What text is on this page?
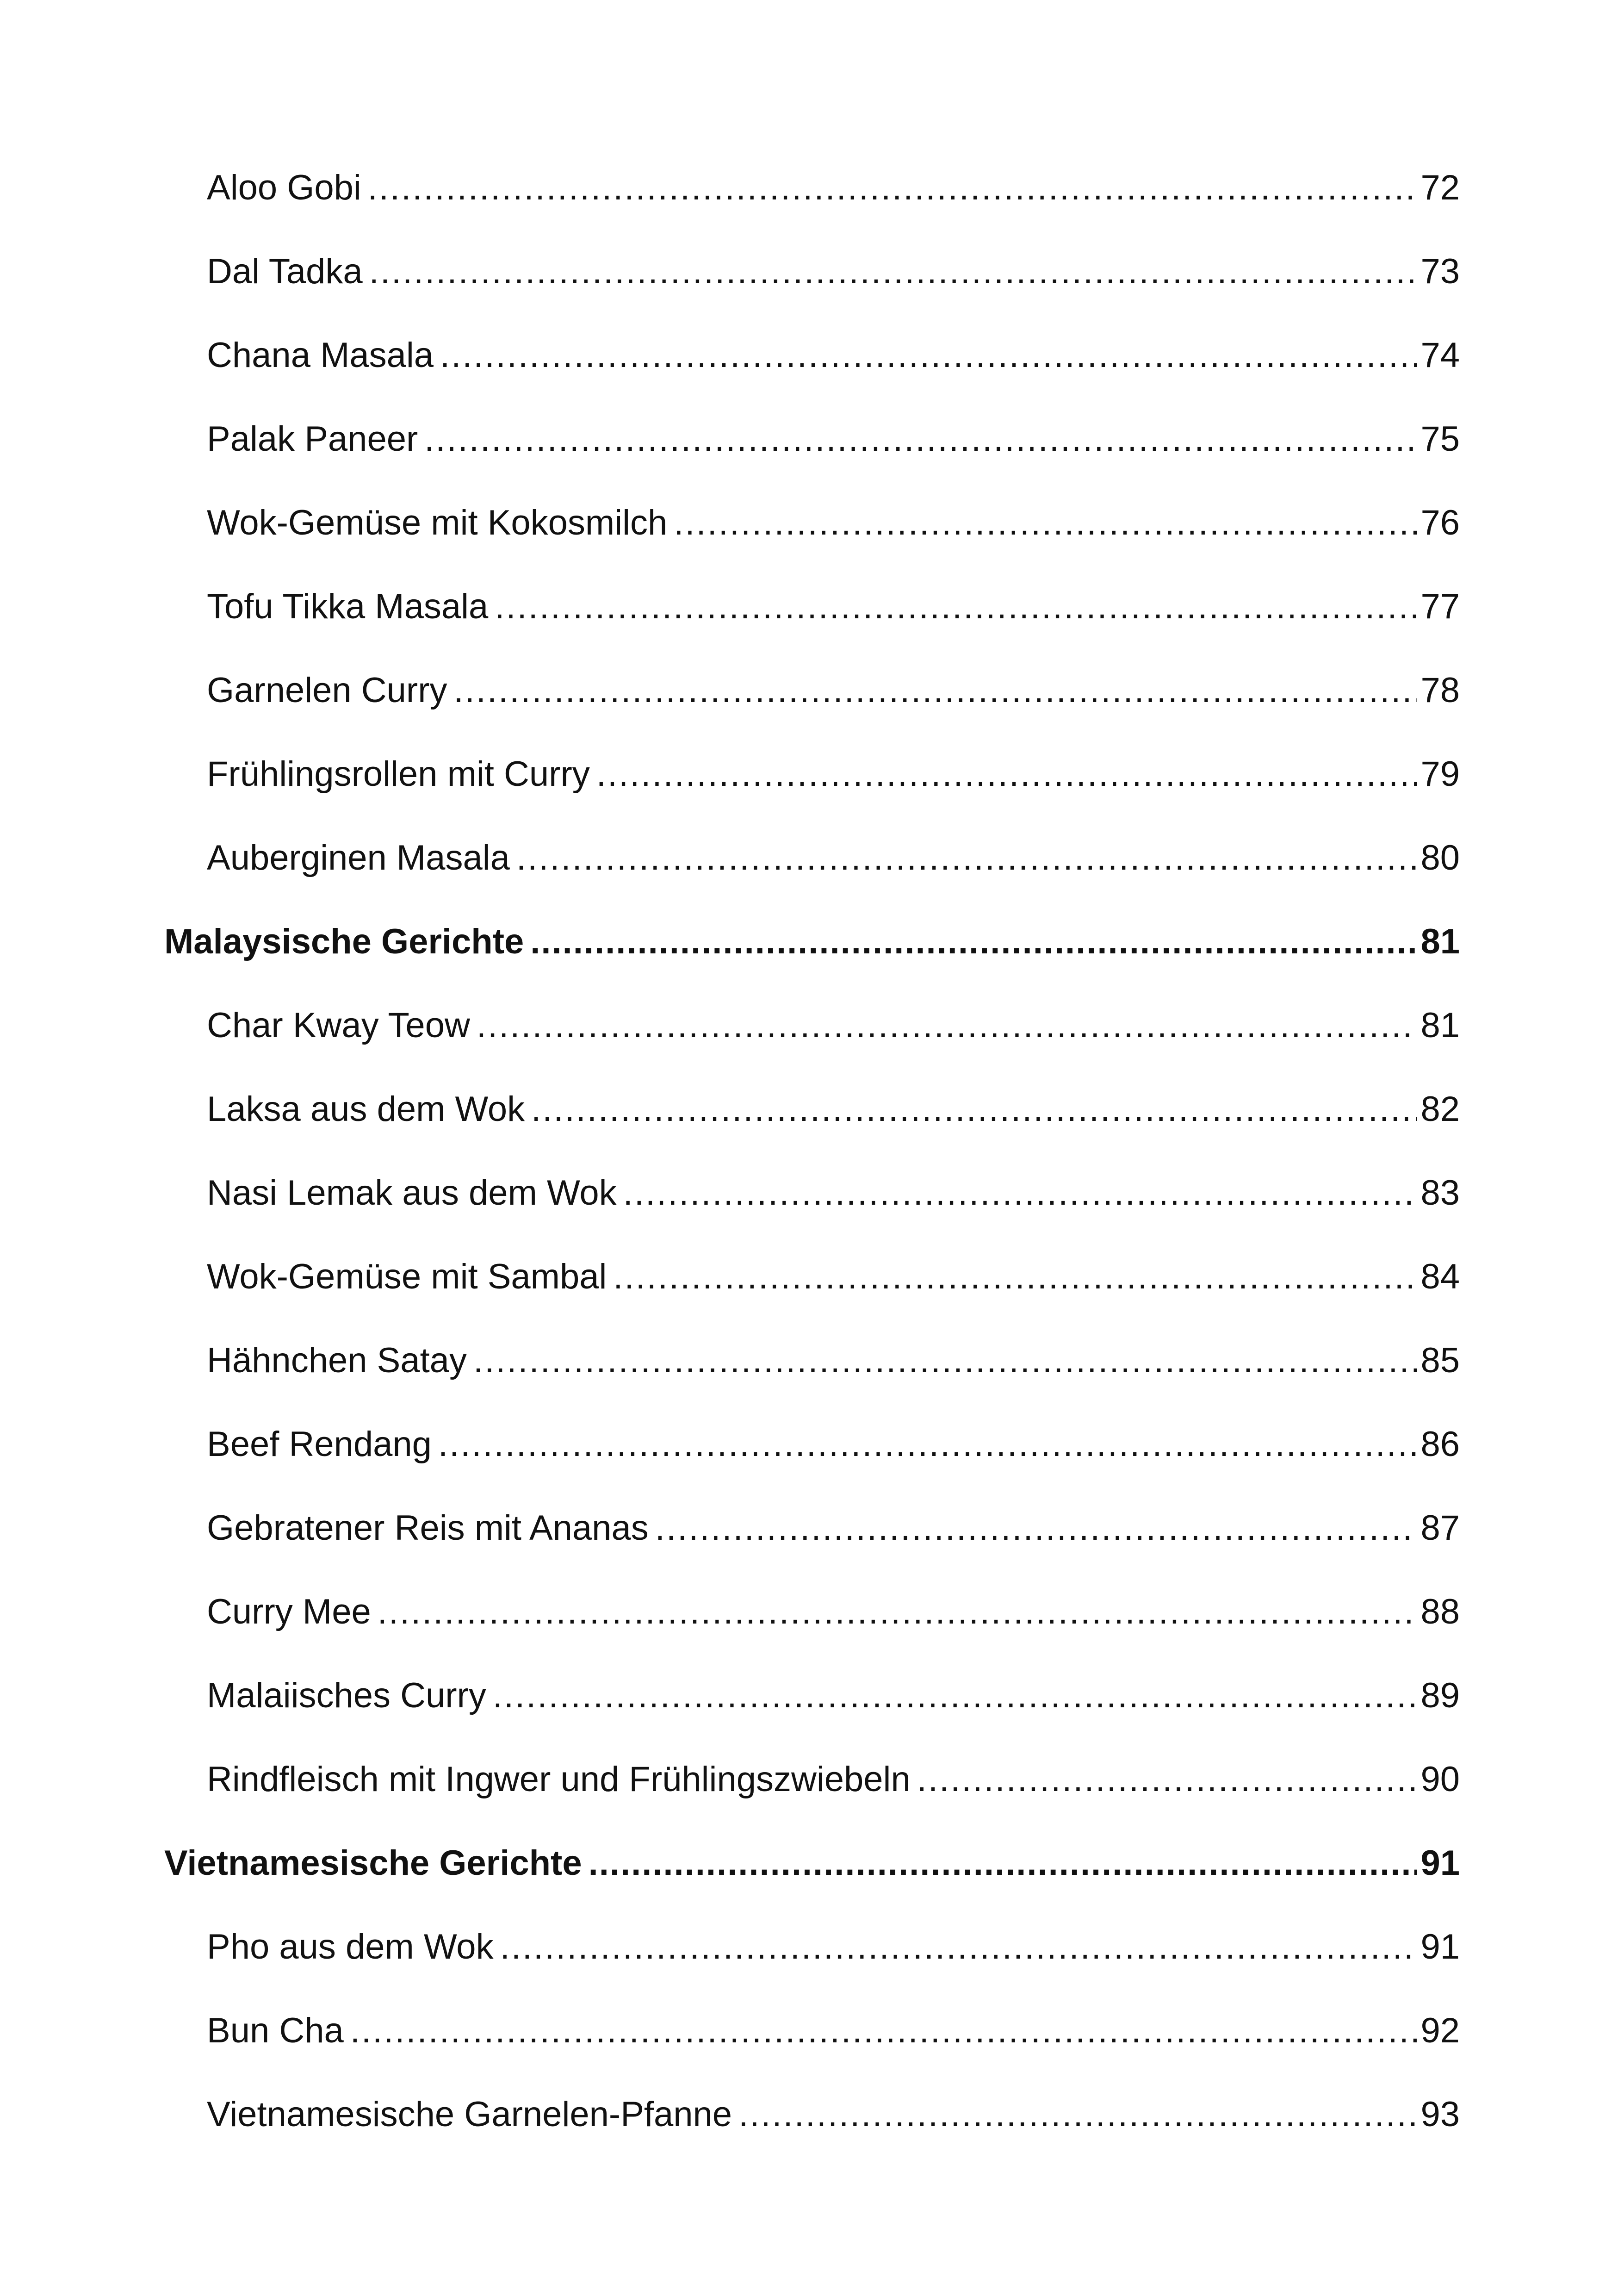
Aloo Gobi .....	72
Dal Tadka .....	73
Chana Masala .....	74
Palak Paneer .....	75
Wok-Gemüse mit Kokosmilch .....	76
Tofu Tikka Masala .....	77
Garnelen Curry .....	78
Frühlingsrollen mit Curry .....	79
Auberginen Masala .....	80
Malaysische Gerichte .....	81
Char Kway Teow .....	81
Laksa aus dem Wok .....	82
Nasi Lemak aus dem Wok .....	83
Wok-Gemüse mit Sambal .....	84
Hähnchen Satay .....	85
Beef Rendang .....	86
Gebratener Reis mit Ananas .....	87
Curry Mee .....	88
Malaiisches Curry .....	89
Rindfleisch mit Ingwer und Frühlingszwiebeln .....	90
Vietnamesische Gerichte .....	91
Pho aus dem Wok .....	91
Bun Cha .....	92
Vietnamesische Garnelen-Pfanne .....	93
